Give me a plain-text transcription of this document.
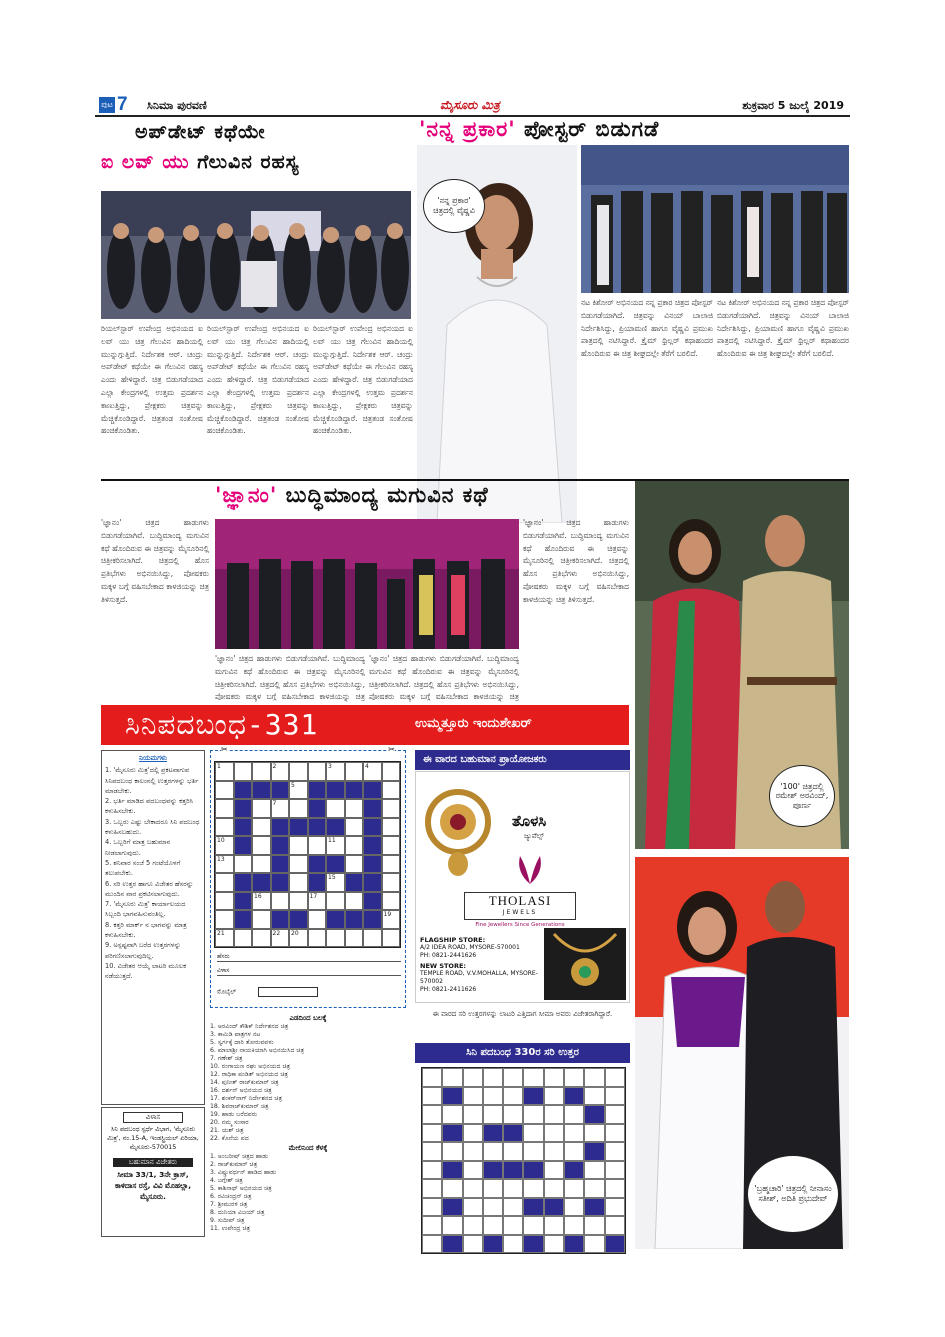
ಪುಟ 7 ಸಿನಿಮಾ ಪುರವಣಿ	ಮೈಸೂರು ಮಿತ್ರ	ಶುಕ್ರವಾರ 5 ಜುಲೈ 2019
ಅಪ್‌ಡೇಟ್ ಕಥೆಯೇ
ಐ ಲವ್ ಯು ಗೆಲುವಿನ ರಹಸ್ಯ
ರಿಯಲ್‌ಸ್ಟಾರ್ ಉಪೇಂದ್ರ ಅಭಿನಯದ ಐ ಲವ್ ಯು ಚಿತ್ರ ಗೆಲುವಿನ ಹಾದಿಯಲ್ಲಿ ಮುನ್ನುಗ್ಗುತ್ತಿದೆ. ನಿರ್ದೇಶಕ ಆರ್. ಚಂದ್ರು ಅಪ್‌ಡೇಟ್ ಕಥೆಯೇ ಈ ಗೆಲುವಿನ ರಹಸ್ಯ ಎಂದು ಹೇಳಿದ್ದಾರೆ. ಚಿತ್ರ ಬಿಡುಗಡೆಯಾದ ಎಲ್ಲಾ ಕೇಂದ್ರಗಳಲ್ಲಿ ಉತ್ತಮ ಪ್ರದರ್ಶನ ಕಾಣುತ್ತಿದ್ದು, ಪ್ರೇಕ್ಷಕರು ಚಿತ್ರವನ್ನು ಮೆಚ್ಚಿಕೊಂಡಿದ್ದಾರೆ. ಚಿತ್ರತಂಡ ಸಂತೋಷ ಹಂಚಿಕೊಂಡಿತು.
ರಿಯಲ್‌ಸ್ಟಾರ್ ಉಪೇಂದ್ರ ಅಭಿನಯದ ಐ ಲವ್ ಯು ಚಿತ್ರ ಗೆಲುವಿನ ಹಾದಿಯಲ್ಲಿ ಮುನ್ನುಗ್ಗುತ್ತಿದೆ. ನಿರ್ದೇಶಕ ಆರ್. ಚಂದ್ರು ಅಪ್‌ಡೇಟ್ ಕಥೆಯೇ ಈ ಗೆಲುವಿನ ರಹಸ್ಯ ಎಂದು ಹೇಳಿದ್ದಾರೆ. ಚಿತ್ರ ಬಿಡುಗಡೆಯಾದ ಎಲ್ಲಾ ಕೇಂದ್ರಗಳಲ್ಲಿ ಉತ್ತಮ ಪ್ರದರ್ಶನ ಕಾಣುತ್ತಿದ್ದು, ಪ್ರೇಕ್ಷಕರು ಚಿತ್ರವನ್ನು ಮೆಚ್ಚಿಕೊಂಡಿದ್ದಾರೆ. ಚಿತ್ರತಂಡ ಸಂತೋಷ ಹಂಚಿಕೊಂಡಿತು.
ರಿಯಲ್‌ಸ್ಟಾರ್ ಉಪೇಂದ್ರ ಅಭಿನಯದ ಐ ಲವ್ ಯು ಚಿತ್ರ ಗೆಲುವಿನ ಹಾದಿಯಲ್ಲಿ ಮುನ್ನುಗ್ಗುತ್ತಿದೆ. ನಿರ್ದೇಶಕ ಆರ್. ಚಂದ್ರು ಅಪ್‌ಡೇಟ್ ಕಥೆಯೇ ಈ ಗೆಲುವಿನ ರಹಸ್ಯ ಎಂದು ಹೇಳಿದ್ದಾರೆ. ಚಿತ್ರ ಬಿಡುಗಡೆಯಾದ ಎಲ್ಲಾ ಕೇಂದ್ರಗಳಲ್ಲಿ ಉತ್ತಮ ಪ್ರದರ್ಶನ ಕಾಣುತ್ತಿದ್ದು, ಪ್ರೇಕ್ಷಕರು ಚಿತ್ರವನ್ನು ಮೆಚ್ಚಿಕೊಂಡಿದ್ದಾರೆ. ಚಿತ್ರತಂಡ ಸಂತೋಷ ಹಂಚಿಕೊಂಡಿತು.
'ನನ್ನ ಪ್ರಕಾರ' ಪೋಸ್ಟರ್ ಬಿಡುಗಡೆ
'ನನ್ನ ಪ್ರಕಾರ' ಚಿತ್ರದಲ್ಲಿ ವೈಷ್ಣವಿ
ನಟ ಕಿಶೋರ್ ಅಭಿನಯದ ನನ್ನ ಪ್ರಕಾರ ಚಿತ್ರದ ಪೋಸ್ಟರ್ ಬಿಡುಗಡೆಯಾಗಿದೆ. ಚಿತ್ರವನ್ನು ವಿನಯ್ ಬಾಲಾಜಿ ನಿರ್ದೇಶಿಸಿದ್ದು, ಪ್ರಿಯಾಮಣಿ ಹಾಗೂ ವೈಷ್ಣವಿ ಪ್ರಮುಖ ಪಾತ್ರದಲ್ಲಿ ನಟಿಸಿದ್ದಾರೆ. ಕ್ರೈಮ್ ಥ್ರಿಲ್ಲರ್ ಕಥಾಹಂದರ ಹೊಂದಿರುವ ಈ ಚಿತ್ರ ಶೀಘ್ರದಲ್ಲೇ ತೆರೆಗೆ ಬರಲಿದೆ.
ನಟ ಕಿಶೋರ್ ಅಭಿನಯದ ನನ್ನ ಪ್ರಕಾರ ಚಿತ್ರದ ಪೋಸ್ಟರ್ ಬಿಡುಗಡೆಯಾಗಿದೆ. ಚಿತ್ರವನ್ನು ವಿನಯ್ ಬಾಲಾಜಿ ನಿರ್ದೇಶಿಸಿದ್ದು, ಪ್ರಿಯಾಮಣಿ ಹಾಗೂ ವೈಷ್ಣವಿ ಪ್ರಮುಖ ಪಾತ್ರದಲ್ಲಿ ನಟಿಸಿದ್ದಾರೆ. ಕ್ರೈಮ್ ಥ್ರಿಲ್ಲರ್ ಕಥಾಹಂದರ ಹೊಂದಿರುವ ಈ ಚಿತ್ರ ಶೀಘ್ರದಲ್ಲೇ ತೆರೆಗೆ ಬರಲಿದೆ.
'ಜ್ಞಾನಂ' ಬುದ್ಧಿಮಾಂದ್ಯ ಮಗುವಿನ ಕಥೆ
'ಜ್ಞಾನಂ' ಚಿತ್ರದ ಹಾಡುಗಳು ಬಿಡುಗಡೆಯಾಗಿವೆ. ಬುದ್ಧಿಮಾಂದ್ಯ ಮಗುವಿನ ಕಥೆ ಹೊಂದಿರುವ ಈ ಚಿತ್ರವನ್ನು ಮೈಸೂರಿನಲ್ಲಿ ಚಿತ್ರೀಕರಿಸಲಾಗಿದೆ. ಚಿತ್ರದಲ್ಲಿ ಹೊಸ ಪ್ರತಿಭೆಗಳು ಅಭಿನಯಿಸಿದ್ದು, ಪೋಷಕರು ಮಕ್ಕಳ ಬಗ್ಗೆ ವಹಿಸಬೇಕಾದ ಕಾಳಜಿಯನ್ನು ಚಿತ್ರ ತಿಳಿಸುತ್ತದೆ.
'ಜ್ಞಾನಂ' ಚಿತ್ರದ ಹಾಡುಗಳು ಬಿಡುಗಡೆಯಾಗಿವೆ. ಬುದ್ಧಿಮಾಂದ್ಯ ಮಗುವಿನ ಕಥೆ ಹೊಂದಿರುವ ಈ ಚಿತ್ರವನ್ನು ಮೈಸೂರಿನಲ್ಲಿ ಚಿತ್ರೀಕರಿಸಲಾಗಿದೆ. ಚಿತ್ರದಲ್ಲಿ ಹೊಸ ಪ್ರತಿಭೆಗಳು ಅಭಿನಯಿಸಿದ್ದು, ಪೋಷಕರು ಮಕ್ಕಳ ಬಗ್ಗೆ ವಹಿಸಬೇಕಾದ ಕಾಳಜಿಯನ್ನು ಚಿತ್ರ
'ಜ್ಞಾನಂ' ಚಿತ್ರದ ಹಾಡುಗಳು ಬಿಡುಗಡೆಯಾಗಿವೆ. ಬುದ್ಧಿಮಾಂದ್ಯ ಮಗುವಿನ ಕಥೆ ಹೊಂದಿರುವ ಈ ಚಿತ್ರವನ್ನು ಮೈಸೂರಿನಲ್ಲಿ ಚಿತ್ರೀಕರಿಸಲಾಗಿದೆ. ಚಿತ್ರದಲ್ಲಿ ಹೊಸ ಪ್ರತಿಭೆಗಳು ಅಭಿನಯಿಸಿದ್ದು, ಪೋಷಕರು ಮಕ್ಕಳ ಬಗ್ಗೆ ವಹಿಸಬೇಕಾದ ಕಾಳಜಿಯನ್ನು ಚಿತ್ರ
'ಜ್ಞಾನಂ' ಚಿತ್ರದ ಹಾಡುಗಳು ಬಿಡುಗಡೆಯಾಗಿವೆ. ಬುದ್ಧಿಮಾಂದ್ಯ ಮಗುವಿನ ಕಥೆ ಹೊಂದಿರುವ ಈ ಚಿತ್ರವನ್ನು ಮೈಸೂರಿನಲ್ಲಿ ಚಿತ್ರೀಕರಿಸಲಾಗಿದೆ. ಚಿತ್ರದಲ್ಲಿ ಹೊಸ ಪ್ರತಿಭೆಗಳು ಅಭಿನಯಿಸಿದ್ದು, ಪೋಷಕರು ಮಕ್ಕಳ ಬಗ್ಗೆ ವಹಿಸಬೇಕಾದ ಕಾಳಜಿಯನ್ನು ಚಿತ್ರ ತಿಳಿಸುತ್ತದೆ.
'100' ಚಿತ್ರದಲ್ಲಿ ರಮೇಶ್ ಅರವಿಂದ್, ಪೂರ್ಣ
'ಬ್ರಹ್ಮಚಾರಿ' ಚಿತ್ರದಲ್ಲಿ ನೀನಾಸಂ ಸತೀಶ್, ಅದಿತಿ ಪ್ರಭುದೇವ್
ಸಿನಿಪದಬಂಧ-331	ಉಮ್ಮತ್ತೂರು ಇಂದುಶೇಖರ್
ನಿಯಮಗಳು
1. 'ಮೈಸೂರು ಮಿತ್ರ'ದಲ್ಲಿ ಪ್ರಕಟವಾಗುವ ಸಿನಿಪದಬಂಧ ಕಾಲಂನಲ್ಲಿ ಉತ್ತರಗಳನ್ನು ಭರ್ತಿ ಮಾಡಬೇಕು.
2. ಭರ್ತಿ ಮಾಡಿದ ಪದಬಂಧವನ್ನು ಕತ್ತರಿಸಿ ಕಳುಹಿಸಬೇಕು.
3. ಒಬ್ಬರು ಎಷ್ಟು ಬೇಕಾದರೂ ಸಿನಿ ಪದಬಂಧ ಕಳುಹಿಸಬಹುದು.
4. ಒಬ್ಬರಿಗೆ ಮಾತ್ರ ಬಹುಮಾನ ನೀಡಲಾಗುವುದು.
5. ಶನಿವಾರ ಸಂಜೆ 5 ಗಂಟೆಯೊಳಗೆ ತಲುಪಬೇಕು.
6. ಸರಿ ಉತ್ತರ ಹಾಗೂ ವಿಜೇತರ ಹೆಸರನ್ನು ಮುಂದಿನ ವಾರ ಪ್ರಕಟಿಸಲಾಗುವುದು.
7. 'ಮೈಸೂರು ಮಿತ್ರ' ಕಾರ್ಯಾಲಯದ ಸಿಬ್ಬಂದಿ ಭಾಗವಹಿಸುವಂತಿಲ್ಲ.
8. ಕತ್ತರಿ ಮಾರ್ಕ್ ನ ಭಾಗವನ್ನು ಮಾತ್ರ ಕಳುಹಿಸಬೇಕು.
9. ಅಸ್ಪಷ್ಟವಾಗಿ ಬರೆದ ಉತ್ತರಗಳನ್ನು ಪರಿಗಣಿಸಲಾಗುವುದಿಲ್ಲ.
10. ವಿಜೇತರ ಆಯ್ಕೆ ಲಾಟರಿ ಮೂಲಕ ನಡೆಯುತ್ತದೆ.
ವಿಳಾಸ
ಸಿನಿ ಪದಬಂಧ ಸ್ಪರ್ಧೆ ವಿಭಾಗ, 'ಮೈಸೂರು ಮಿತ್ರ', ನಂ.15-A, ಇಂಡಸ್ಟ್ರಿಯಲ್ ಏರಿಯಾ, ಮೈಸೂರು-570015
ಬಹುಮಾನ ವಿಜೇತರು
ಸೀಮಾ 33/1, 3ನೇ ಕ್ರಾಸ್, ಕಾಳಿದಾಸ ರಸ್ತೆ, ವಿವಿ ಮೊಹಲ್ಲಾ, ಮೈಸೂರು.
✂	✂
1	2	3	4
5
7
10	11
13
15
16	17
19
21	22	20
ಹೆಸರು
ವಿಳಾಸ
ಮೊಬೈಲ್
ಈ ವಾರದ ಬಹುಮಾನ ಪ್ರಾಯೋಜಕರು
ತೊಳಸಿ
ಜ್ಯುವೆಲ್ಸ್
THOLASI
JEWELS
Fine Jewellers Since Generations
FLAGSHIP STORE:
A/2 IDEA ROAD, MYSORE-570001
PH: 0821-2441626
NEW STORE:
TEMPLE ROAD, V.V.MOHALLA, MYSORE-570002
PH: 0821-2411626
ಎಡದಿಂದ ಬಲಕ್ಕೆ
1. ಅರವಿಂದ್ ಕೌಶಿಕ್ ನಿರ್ದೇಶನದ ಚಿತ್ರ
3. ಕಾಮಿಡಿ ಪಾತ್ರಗಳ ನಟ
5. ಸ್ವರ್ಗಕ್ಕೆ ದಾರಿ ತೋರುವವಳು
6. ಮಾಲಾಶ್ರೀ ನಾಯಕಿಯಾಗಿ ಅಭಿನಯಿಸಿದ ಚಿತ್ರ
7. ಗಣೇಶ್ ಚಿತ್ರ
10. ರಂಗಾಯಣ ರಘು ಅಭಿನಯದ ಚಿತ್ರ
12. ರಾಧಿಕಾ ಪಂಡಿತ್ ಅಭಿನಯದ ಚಿತ್ರ
14. ಪುನೀತ್ ರಾಜ್‌ಕುಮಾರ್ ಚಿತ್ರ
16. ದರ್ಶನ್ ಅಭಿನಯದ ಚಿತ್ರ
17. ಶಂಕರ್‌ನಾಗ್ ನಿರ್ದೇಶನದ ಚಿತ್ರ
18. ಶಿವರಾಜ್‌ಕುಮಾರ್ ಚಿತ್ರ
19. ಹಾಡು ಬರೆದವರು
20. ನಮ್ಮ ಸಂಸಾರ
21. ಯಶ್ ಚಿತ್ರ
22. ಕೊನೆಯ ಪದ
ಮೇಲಿನಿಂದ ಕೆಳಕ್ಕೆ
1. ಅಂಬರೀಷ್ ಚಿತ್ರದ ಹಾಡು
2. ರಾಜ್‌ಕುಮಾರ್ ಚಿತ್ರ
3. ವಿಷ್ಣುವರ್ಧನ್ ಹಾಡಿದ ಹಾಡು
4. ಜಗ್ಗೇಶ್ ಚಿತ್ರ
5. ಕಾಶಿನಾಥ್ ಅಭಿನಯದ ಚಿತ್ರ
6. ರವಿಚಂದ್ರನ್ ಚಿತ್ರ
7. ಶ್ರೀಮುರಳಿ ಚಿತ್ರ
8. ದುನಿಯಾ ವಿಜಯ್ ಚಿತ್ರ
9. ಸುದೀಪ್ ಚಿತ್ರ
11. ಉಪೇಂದ್ರ ಚಿತ್ರ
ಈ ವಾರದ ಸರಿ ಉತ್ತರಗಳನ್ನು ಲಾಟರಿ ಎತ್ತಿದಾಗ ಸೀಮಾ ಅವರು ವಿಜೇತರಾಗಿದ್ದಾರೆ.
ಸಿನಿ ಪದಬಂಧ 330ರ ಸರಿ ಉತ್ತರ
